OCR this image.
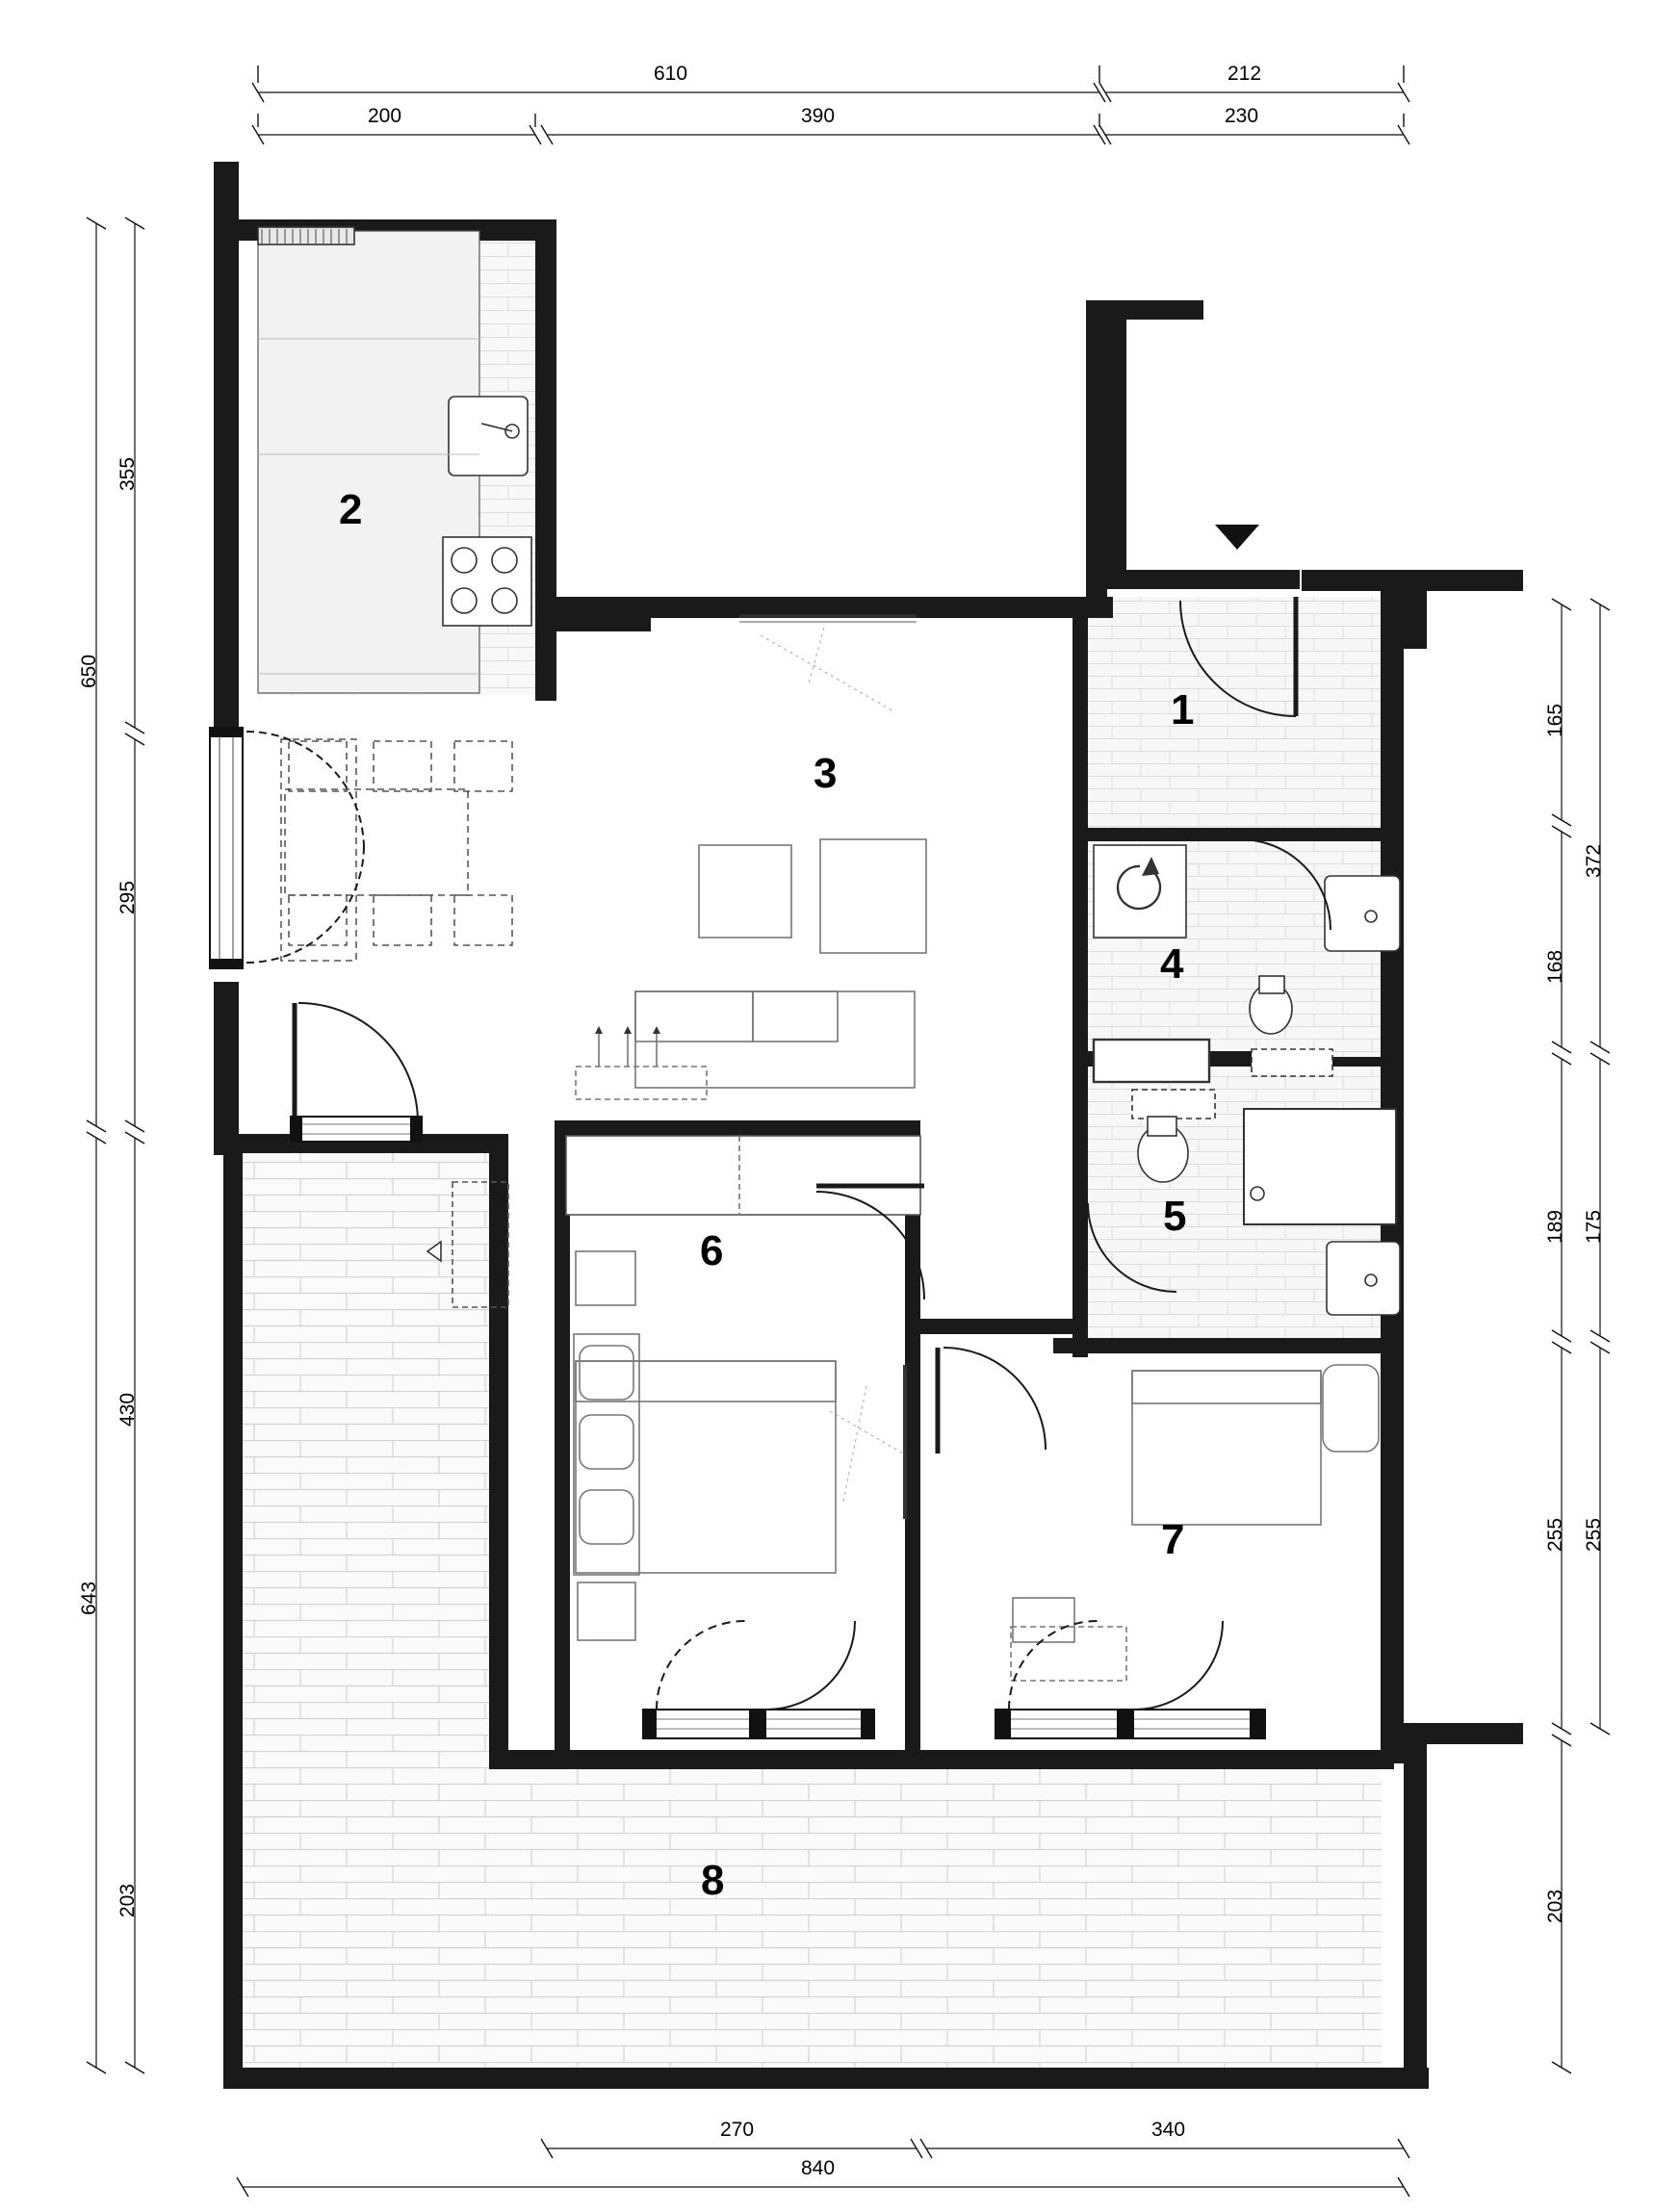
1
2
3
4
5
6
7
8
610	212
200	390	230
270	340
840
355
650
295
430
643
203
165
372
168
189 175
255 255
203
